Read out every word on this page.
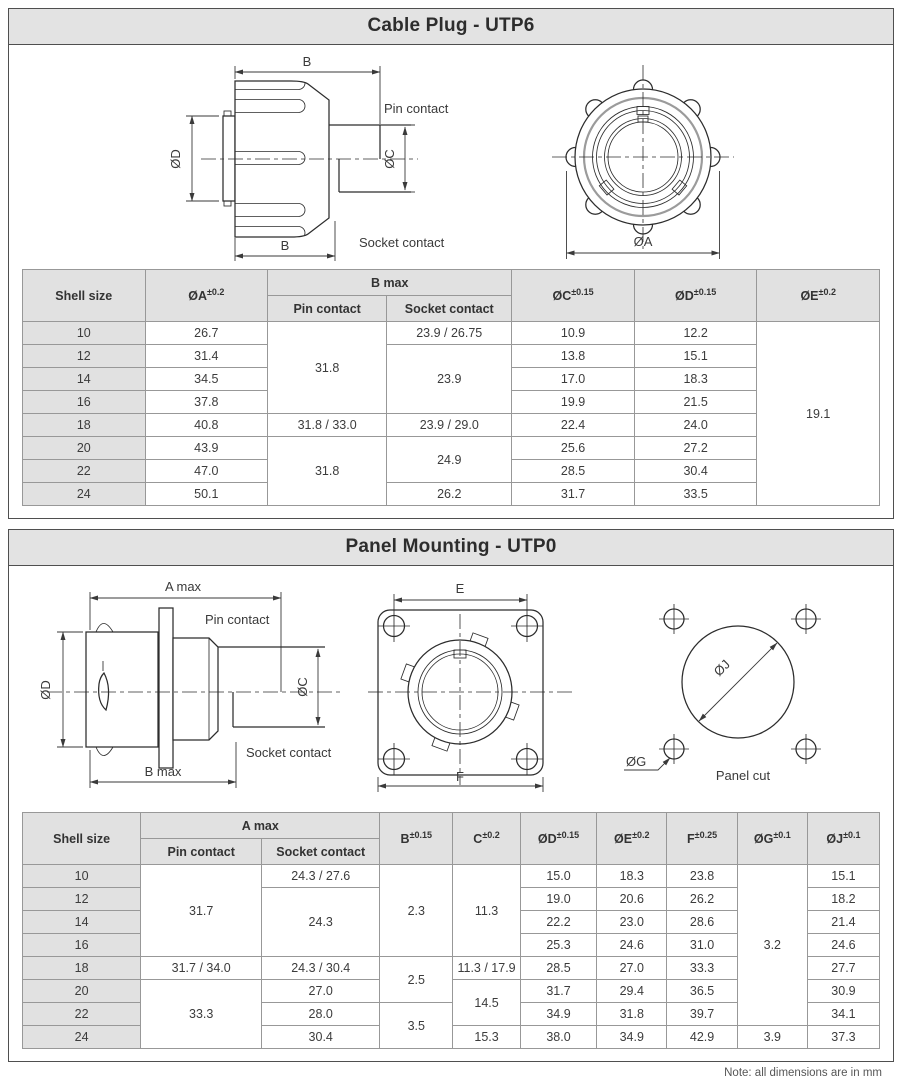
Cable Plug - UTP6
B
ØD	ØC
Pin contact
Socket contact
B	ØA
Shell size	$ØA^{\pm 0.2}$	B max		$ØC^{\pm 0.15}$	$ØD^{\pm 0.15}$	$ØE^{\pm 0.2}$
		Pin contact	Socket contact			
10	26.7	31.8	23.9 / 26.75	10.9	12.2	19.1
12	31.4		23.9	13.8	15.1	
14	34.5			17.0	18.3	
16	37.8			19.9	21.5	
18	40.8	31.8 / 33.0	23.9 / 29.0	22.4	24.0	
20	43.9	31.8	24.9	25.6	27.2	
22	47.0			28.5	30.4	
24	50.1		26.2	31.7	33.5	
Panel Mounting - UTP0
A max
ØD	ØC
Pin contact
Socket contact
B max
E
F
ØJ
ØG
Panel cut
Shell size	A max		$B^{\pm 0.15}$	$C^{\pm 0.2}$	$ØD^{\pm 0.15}$	$ØE^{\pm 0.2}$	$F^{\pm 0.25}$	$ØG^{\pm 0.1}$	$ØJ^{\pm 0.1}$
	Pin contact	Socket contact							
10	31.7	24.3 / 27.6	2.3	11.3	15.0	18.3	23.8	3.2	15.1
12		24.3			19.0	20.6	26.2		18.2
14					22.2	23.0	28.6		21.4
16					25.3	24.6	31.0		24.6
18	31.7 / 34.0	24.3 / 30.4	2.5	11.3 / 17.9	28.5	27.0	33.3		27.7
20	33.3	27.0		14.5	31.7	29.4	36.5		30.9
22		28.0	3.5		34.9	31.8	39.7		34.1
24		30.4		15.3	38.0	34.9	42.9	3.9	37.3
Note: all dimensions are in mm
